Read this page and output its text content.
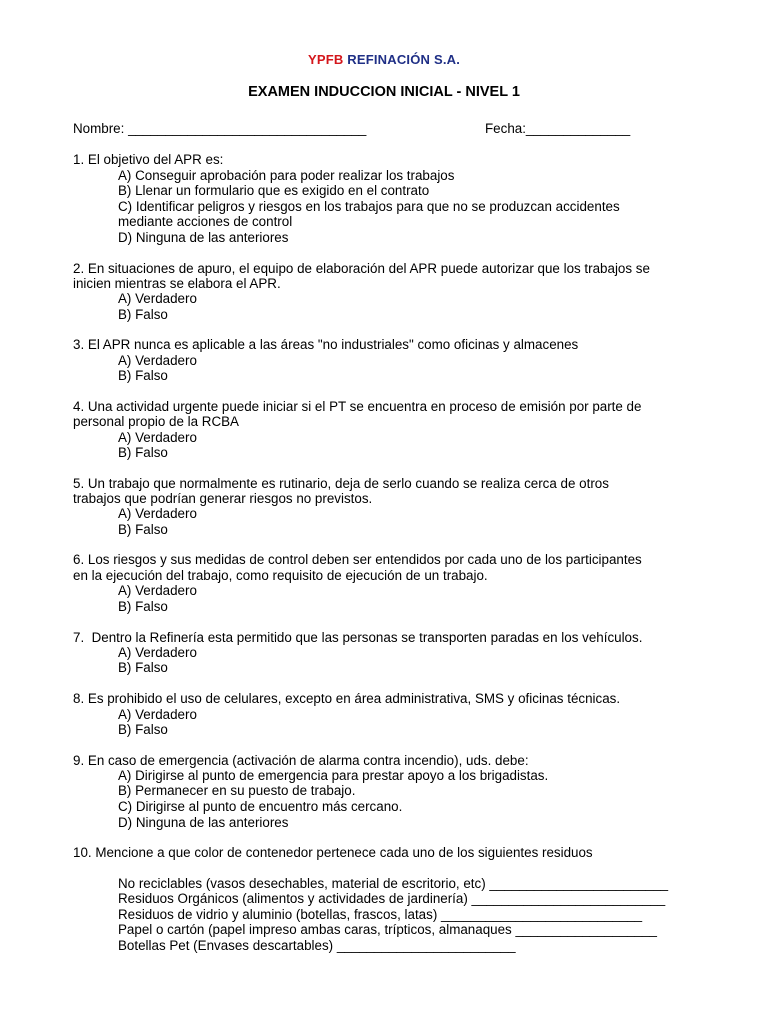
YPFB REFINACIÓN S.A.
EXAMEN INDUCCION INICIAL - NIVEL 1
Nombre: ________________________________	Fecha:______________
1. El objetivo del APR es:
A) Conseguir aprobación para poder realizar los trabajos
B) Llenar un formulario que es exigido en el contrato
C) Identificar peligros y riesgos en los trabajos para que no se produzcan accidentes
mediante acciones de control
D) Ninguna de las anteriores
2. En situaciones de apuro, el equipo de elaboración del APR puede autorizar que los trabajos se
inicien mientras se elabora el APR.
A) Verdadero
B) Falso
3. El APR nunca es aplicable a las áreas "no industriales" como oficinas y almacenes
A) Verdadero
B) Falso
4. Una actividad urgente puede iniciar si el PT se encuentra en proceso de emisión por parte de
personal propio de la RCBA
A) Verdadero
B) Falso
5. Un trabajo que normalmente es rutinario, deja de serlo cuando se realiza cerca de otros
trabajos que podrían generar riesgos no previstos.
A) Verdadero
B) Falso
6. Los riesgos y sus medidas de control deben ser entendidos por cada uno de los participantes
en la ejecución del trabajo, como requisito de ejecución de un trabajo.
A) Verdadero
B) Falso
7.  Dentro la Refinería esta permitido que las personas se transporten paradas en los vehículos.
A) Verdadero
B) Falso
8. Es prohibido el uso de celulares, excepto en área administrativa, SMS y oficinas técnicas.
A) Verdadero
B) Falso
9. En caso de emergencia (activación de alarma contra incendio), uds. debe:
A) Dirigirse al punto de emergencia para prestar apoyo a los brigadistas.
B) Permanecer en su puesto de trabajo.
C) Dirigirse al punto de encuentro más cercano.
D) Ninguna de las anteriores
10. Mencione a que color de contenedor pertenece cada uno de los siguientes residuos
No reciclables (vasos desechables, material de escritorio, etc) ________________________
Residuos Orgánicos (alimentos y actividades de jardinería) __________________________
Residuos de vidrio y aluminio (botellas, frascos, latas) ___________________________
Papel o cartón (papel impreso ambas caras, trípticos, almanaques ___________________
Botellas Pet (Envases descartables) ________________________
